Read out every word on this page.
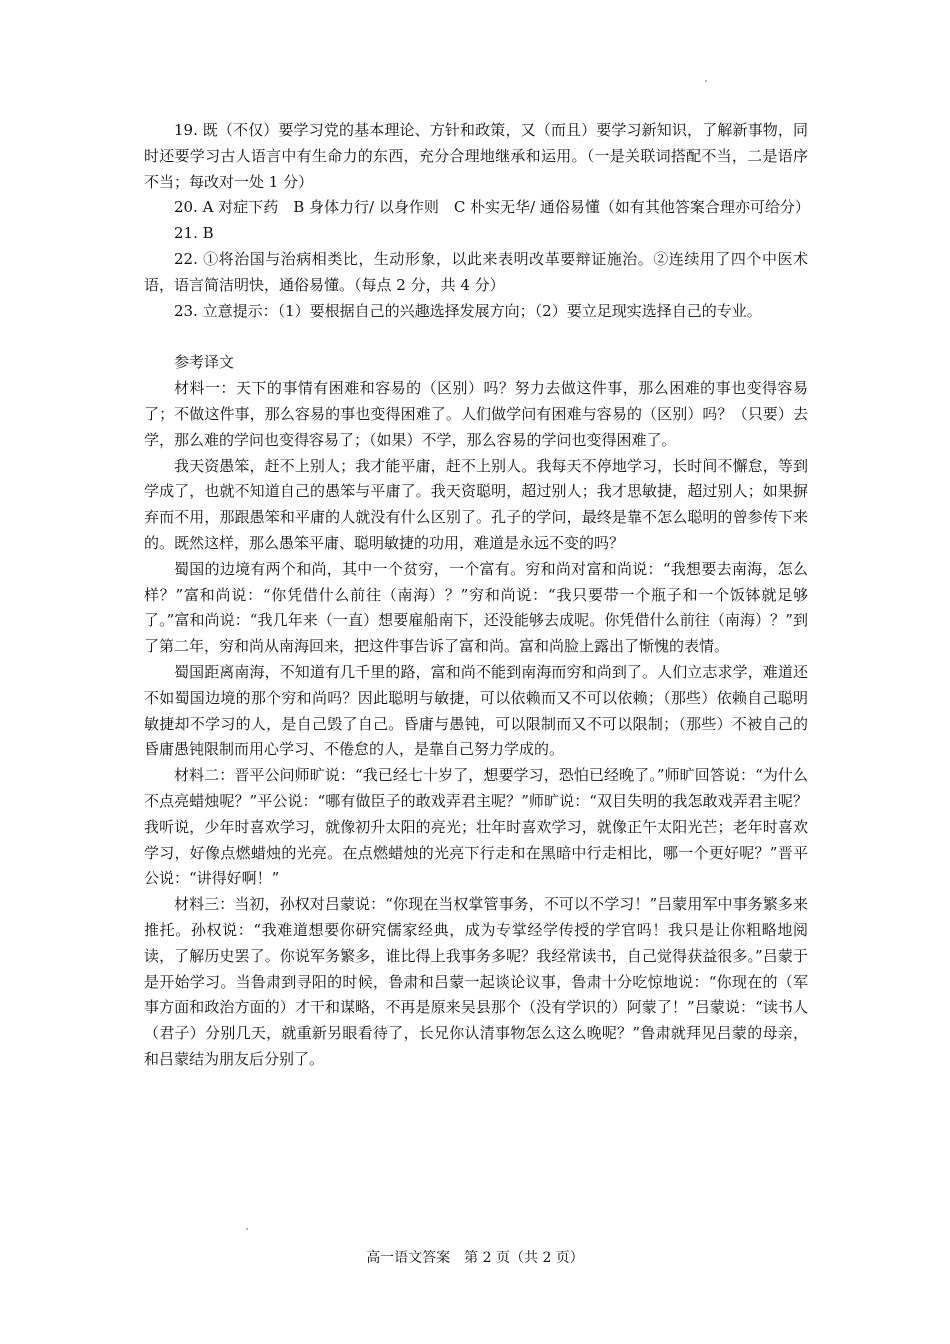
19. 既（不仅）要学习党的基本理论、方针和政策，又（而且）要学习新知识，了解新事物，同时还要学习古人语言中有生命力的东西，充分合理地继承和运用。（一是关联词搭配不当，二是语序不当；每改对一处 1 分）

20. A 对症下药　B 身体力行/ 以身作则　C 朴实无华/ 通俗易懂（如有其他答案合理亦可给分）

21. B

22. ①将治国与治病相类比，生动形象，以此来表明改革要辩证施治。②连续用了四个中医术语，语言简洁明快，通俗易懂。（每点 2 分，共 4 分）

23. 立意提示：（1）要根据自己的兴趣选择发展方向；（2）要立足现实选择自己的专业。

参考译文

材料一：天下的事情有困难和容易的（区别）吗？努力去做这件事，那么困难的事也变得容易了；不做这件事，那么容易的事也变得困难了。人们做学问有困难与容易的（区别）吗？（只要）去学，那么难的学问也变得容易了；（如果）不学，那么容易的学问也变得困难了。

我天资愚笨，赶不上别人；我才能平庸，赶不上别人。我每天不停地学习，长时间不懈怠，等到学成了，也就不知道自己的愚笨与平庸了。我天资聪明，超过别人；我才思敏捷，超过别人；如果摒弃而不用，那跟愚笨和平庸的人就没有什么区别了。孔子的学问，最终是靠不怎么聪明的曾参传下来的。既然这样，那么愚笨平庸、聪明敏捷的功用，难道是永远不变的吗？

蜀国的边境有两个和尚，其中一个贫穷，一个富有。穷和尚对富和尚说：“我想要去南海，怎么样？”富和尚说：“你凭借什么前往（南海）？”穷和尚说：“我只要带一个瓶子和一个饭钵就足够了。”富和尚说：“我几年来（一直）想要雇船南下，还没能够去成呢。你凭借什么前往（南海）？”到了第二年，穷和尚从南海回来，把这件事告诉了富和尚。富和尚脸上露出了惭愧的表情。

蜀国距离南海，不知道有几千里的路，富和尚不能到南海而穷和尚到了。人们立志求学，难道还不如蜀国边境的那个穷和尚吗？因此聪明与敏捷，可以依赖而又不可以依赖；（那些）依赖自己聪明敏捷却不学习的人，是自己毁了自己。昏庸与愚钝，可以限制而又不可以限制；（那些）不被自己的昏庸愚钝限制而用心学习、不倦怠的人，是靠自己努力学成的。

材料二：晋平公问师旷说：“我已经七十岁了，想要学习，恐怕已经晚了。”师旷回答说：“为什么不点亮蜡烛呢？”平公说：“哪有做臣子的敢戏弄君主呢？”师旷说：“双目失明的我怎敢戏弄君主呢？我听说，少年时喜欢学习，就像初升太阳的亮光；壮年时喜欢学习，就像正午太阳光芒；老年时喜欢学习，好像点燃蜡烛的光亮。在点燃蜡烛的光亮下行走和在黑暗中行走相比，哪一个更好呢？”晋平公说：“讲得好啊！”

材料三：当初，孙权对吕蒙说：“你现在当权掌管事务，不可以不学习！”吕蒙用军中事务繁多来推托。孙权说：“我难道想要你研究儒家经典，成为专掌经学传授的学官吗！我只是让你粗略地阅读，了解历史罢了。你说军务繁多，谁比得上我事务多呢？我经常读书，自己觉得获益很多。”吕蒙于是开始学习。当鲁肃到寻阳的时候，鲁肃和吕蒙一起谈论议事，鲁肃十分吃惊地说：“你现在的（军事方面和政治方面的）才干和谋略，不再是原来吴县那个（没有学识的）阿蒙了！”吕蒙说：“读书人（君子）分别几天，就重新另眼看待了，长兄你认清事物怎么这么晚呢？”鲁肃就拜见吕蒙的母亲，和吕蒙结为朋友后分别了。

高一语文答案　第 2 页（共 2 页）
